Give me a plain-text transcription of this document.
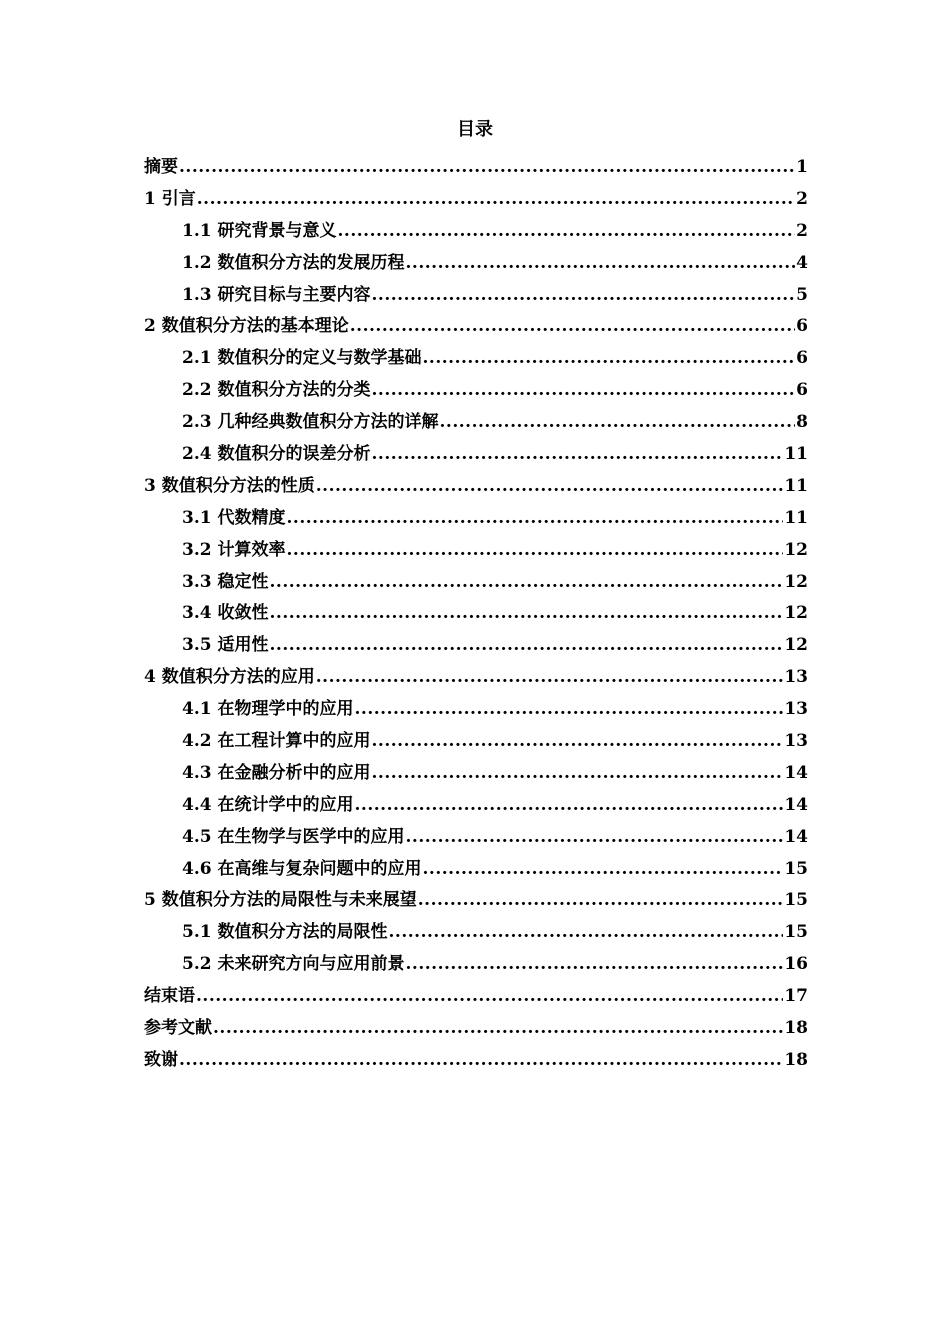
目录
摘要 .....	1
1 引言 .....	2
1.1 研究背景与意义 .....	2
1.2 数值积分方法的发展历程 .....	4
1.3 研究目标与主要内容 .....	5
2 数值积分方法的基本理论 .....	6
2.1 数值积分的定义与数学基础 .....	6
2.2 数值积分方法的分类 .....	6
2.3 几种经典数值积分方法的详解 .....	8
2.4 数值积分的误差分析 .....	11
3 数值积分方法的性质 .....	11
3.1 代数精度 .....	11
3.2 计算效率 .....	12
3.3 稳定性 .....	12
3.4 收敛性 .....	12
3.5 适用性 .....	12
4 数值积分方法的应用 .....	13
4.1 在物理学中的应用 .....	13
4.2 在工程计算中的应用 .....	13
4.3 在金融分析中的应用 .....	14
4.4 在统计学中的应用 .....	14
4.5 在生物学与医学中的应用 .....	14
4.6 在高维与复杂问题中的应用 .....	15
5 数值积分方法的局限性与未来展望 .....	15
5.1 数值积分方法的局限性 .....	15
5.2 未来研究方向与应用前景 .....	16
结束语 .....	17
参考文献 .....	18
致谢 .....	18
